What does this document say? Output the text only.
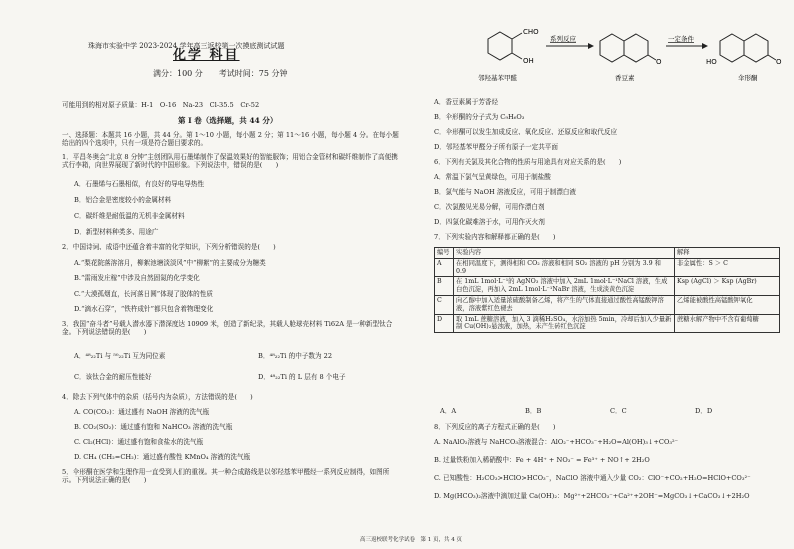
珠海市实验中学 2023-2024 学年高三返校第一次摸底测试试题
化学 科目
满分：100 分　　考试时间：75 分钟
可能用到的相对原子质量：H-1　O-16　Na-23　Cl-35.5　Cr-52
第 I 卷（选择题，共 44 分）
一、选择题：本题共 16 小题，共 44 分。第 1～10 小题，每小题 2 分；第 11～16 小题，每小题 4 分。在每小题给出的四个选项中，只有一项是符合题目要求的。
1．平昌冬奥会“北京 8 分钟”主创团队用石墨烯制作了保温效果好的智能服饰；用铝合金管材和碳纤维制作了高便携式行李箱，向世界展现了新时代的中国形象。下列说法中，错误的是(　　)
A．石墨烯与石墨相似，有良好的导电导热性
B．铝合金是密度较小的金属材料
C．碳纤维是耐低温的无机非金属材料
D．新型材料种类多、用途广
2．中国诗词、成语中还蕴含着丰富的化学知识，下列分析错误的是(　　)
A.“梨花院落溶溶月，柳絮池塘淡淡风”中“柳絮”的主要成分为糖类
B.“雷雨发庄稼”中涉及自然固氮的化学变化
C.“大漠孤烟直，长河落日圆”体现了胶体的性质
D.“滴水石穿”，“铁杵成针”都只包含着物理变化
3．我国“奋斗者”号载人潜水器下潜深度达 10909 米，创造了新纪录，其载人舱球壳材料 Ti62A 是一种新型钛合金。下列说法错误的是(　　)
A．⁴⁸₂₂Ti 与 ⁵⁰₂₂Ti 互为同位素	B．⁴⁸₂₂Ti 的中子数为 22
C．该钛合金的耐压性能好	D．⁴⁸₂₂Ti 的 L 层有 8 个电子
4．除去下列气体中的杂质（括号内为杂质），方法错误的是(　　)
A. CO(CO₂)：通过盛有 NaOH 溶液的洗气瓶
B. CO₂(SO₂)：通过盛有饱和 NaHCO₃ 溶液的洗气瓶
C. Cl₂(HCl)：通过盛有饱和食盐水的洗气瓶
D. CH₄ (CH₂=CH₂)：通过盛有酸性 KMnO₄ 溶液的洗气瓶
5．伞形酮在医学和生理作用一直受到人们的重视。其一种合成路线是以邻羟基苯甲醛经一系列反应制得，如图所示。下列说法正确的是(　　)
CHO
OH
邻羟基苯甲醛
系列反应
O
香豆素
一定条件
HO	O
伞形酮
A．香豆素属于芳香烃
B．伞形酮的分子式为 C₉H₆O₃
C．伞形酮可以发生加成反应、氧化反应、还原反应和取代反应
D．邻羟基苯甲醛分子所有原子一定共平面
6．下列有关氯及其化合物的性质与用途具有对应关系的是(　　)
A．常温下氯气呈黄绿色，可用于制盐酸
B．氯气能与 NaOH 溶液反应，可用于制漂白液
C．次氯酸见光易分解，可用作漂白剂
D．四氯化碳难溶于水，可用作灭火剂
7．下列实验内容和解释都正确的是(　　)
编号	实验内容	解释
A	在相同温度下，测得相和 CO₂ 溶液和相同 SO₂ 溶液的 pH 分别为 3.9 和 0.9	非金属性：S ＞ C
B	在 1mL 1mol·L⁻¹的 AgNO₃ 溶液中加入 2mL 1mol·L⁻¹NaCl 溶液，生成白色沉淀，再加入 2mL 1mol·L⁻¹NaBr 溶液，生成淡黄色沉淀	Ksp (AgCl) ＞ Ksp (AgBr)
C	向乙醇中加入适量浓硫酸制备乙烯，将产生的气体直接通过酸性高锰酸钾溶液，溶液紫红色褪去	乙烯能被酸性高锰酸钾氧化
D	取 1mL 蔗糖溶液，加入 3 滴稀H₂SO₄，水浴加热 5min，冷却后加入少量新制 Cu(OH)₂悬浊液，加热，未产生砖红色沉淀	蔗糖水解产物中不含有葡萄糖
A．A	B．B	C．C	D．D
8．下列反应的离子方程式正确的是(　　)
A. NaAlO₂溶液与 NaHCO₃溶液混合：AlO₂⁻+HCO₃⁻+H₂O=Al(OH)₃↓+CO₃²⁻
B. 过量铁粉加入稀硝酸中：Fe + 4H⁺ + NO₃⁻ = Fe³⁺ + NO↑+ 2H₂O
C. 已知酸性：H₂CO₃>HClO>HCO₃⁻，NaClO 溶液中通入少量 CO₂：ClO⁻+CO₂+H₂O=HClO+CO₃²⁻
D. Mg(HCO₃)₂溶液中滴加过量 Ca(OH)₂：Mg²⁺+2HCO₃⁻+Ca²⁺+2OH⁻=MgCO₃↓+CaCO₃↓+2H₂O
高三返校联考化学试卷　第 1 页，共 4 页
